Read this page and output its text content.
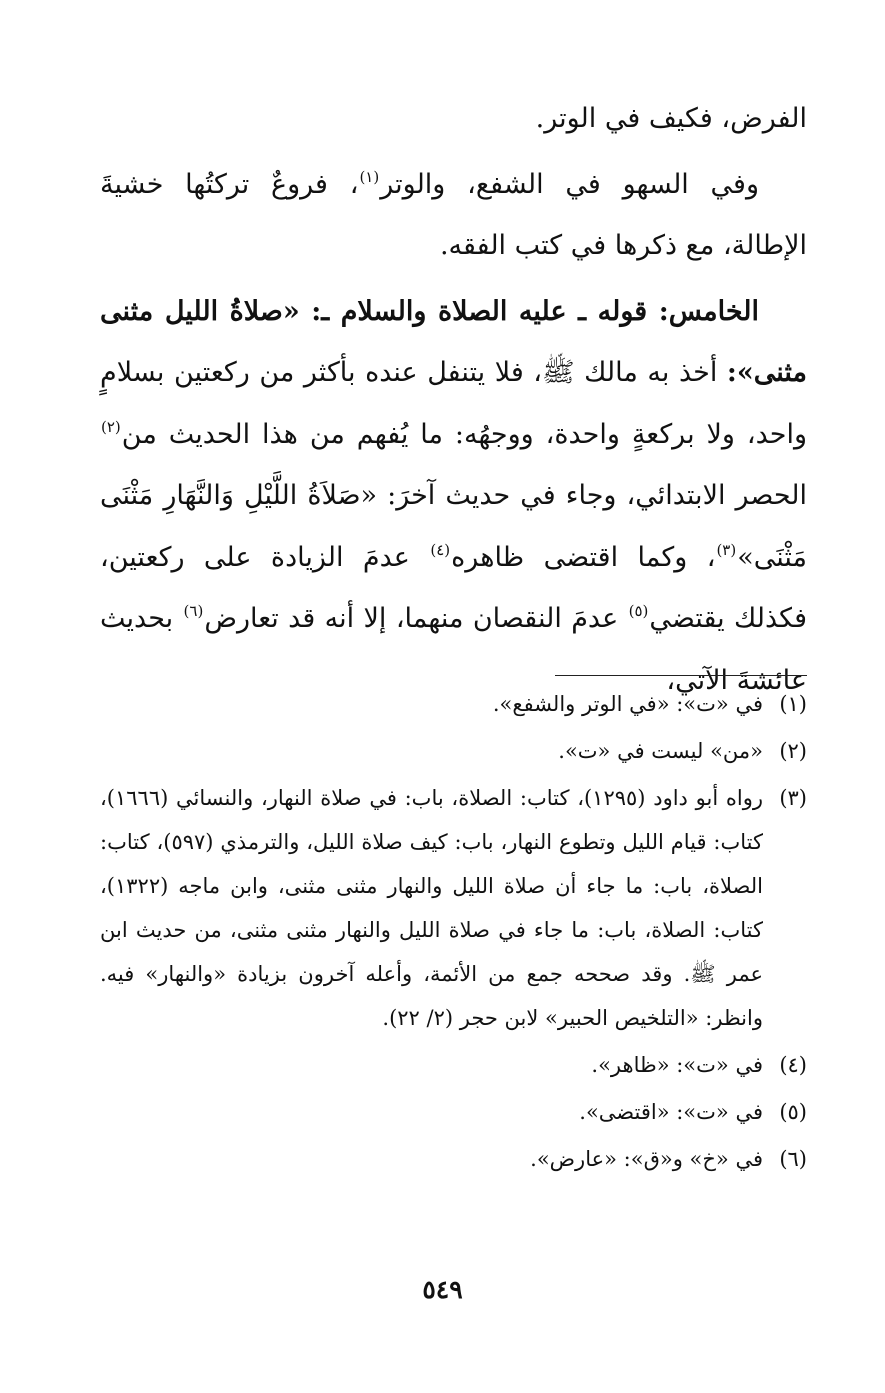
الفرض، فكيف في الوتر.

وفي السهو في الشفع، والوتر$^{(١)}$، فروعٌ تركتُها خشيةَ الإطالة، مع ذكرها في كتب الفقه.

الخامس: قوله ـ عليه الصلاة والسلام ـ: «صلاةُ الليل مثنى مثنى»: أخذ به مالك ﷺ، فلا يتنفل عنده بأكثر من ركعتين بسلامٍ واحد، ولا بركعةٍ واحدة، ووجهُه: ما يُفهم من هذا الحديث من$^{(٢)}$ الحصر الابتدائي، وجاء في حديث آخرَ: «صَلاَةُ اللَّيْلِ وَالنَّهَارِ مَثْنَى مَثْنَى»$^{(٣)}$، وكما اقتضى ظاهره$^{(٤)}$ عدمَ الزيادة على ركعتين، فكذلك يقتضي$^{(٥)}$ عدمَ النقصان منهما، إلا أنه قد تعارض$^{(٦)}$ بحديث عائشةَ الآتي،

(١)
في «ت»: «في الوتر والشفع».
(٢)
«من» ليست في «ت».
(٣)
رواه أبو داود (١٢٩٥)، كتاب: الصلاة، باب: في صلاة النهار، والنسائي (١٦٦٦)، كتاب: قيام الليل وتطوع النهار، باب: كيف صلاة الليل، والترمذي (٥٩٧)، كتاب: الصلاة، باب: ما جاء أن صلاة الليل والنهار مثنى مثنى، وابن ماجه (١٣٢٢)، كتاب: الصلاة، باب: ما جاء في صلاة الليل والنهار مثنى مثنى، من حديث ابن عمر ﷺ. وقد صححه جمع من الأئمة، وأعله آخرون بزيادة «والنهار» فيه. وانظر: «التلخيص الحبير» لابن حجر (٢/ ٢٢).
(٤)
في «ت»: «ظاهر».
(٥)
في «ت»: «اقتضى».
(٦)
في «خ» و«ق»: «عارض».
٥٤٩
